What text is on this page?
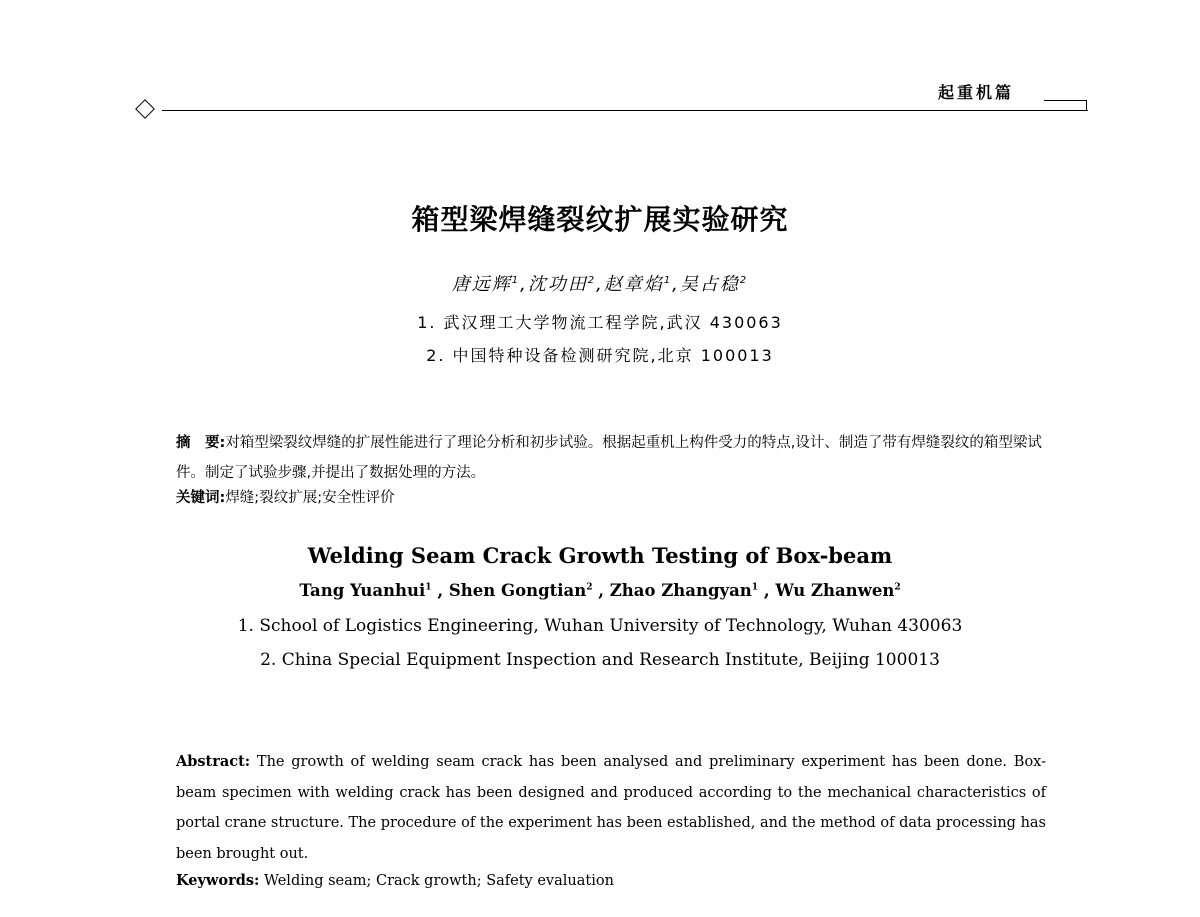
起重机篇
箱型梁焊缝裂纹扩展实验研究
唐远辉$^1$,沈功田$^2$,赵章焰$^1$,吴占稳$^2$
1. 武汉理工大学物流工程学院,武汉 430063
2. 中国特种设备检测研究院,北京 100013
摘　要:对箱型梁裂纹焊缝的扩展性能进行了理论分析和初步试验。根据起重机上构件受力的特点,设计、制造了带有焊缝裂纹的箱型梁试件。制定了试验步骤,并提出了数据处理的方法。
关键词:焊缝;裂纹扩展;安全性评价
Welding Seam Crack Growth Testing of Box-beam
Tang Yuanhui$^1$ , Shen Gongtian$^2$ , Zhao Zhangyan$^1$ , Wu Zhanwen$^2$
1. School of Logistics Engineering, Wuhan University of Technology, Wuhan 430063
2. China Special Equipment Inspection and Research Institute, Beijing 100013
Abstract: The growth of welding seam crack has been analysed and preliminary experiment has been done. Box-beam specimen with welding crack has been designed and produced according to the mechanical characteristics of portal crane structure. The procedure of the experiment has been established, and the method of data processing has been brought out.
Keywords: Welding seam; Crack growth; Safety evaluation
